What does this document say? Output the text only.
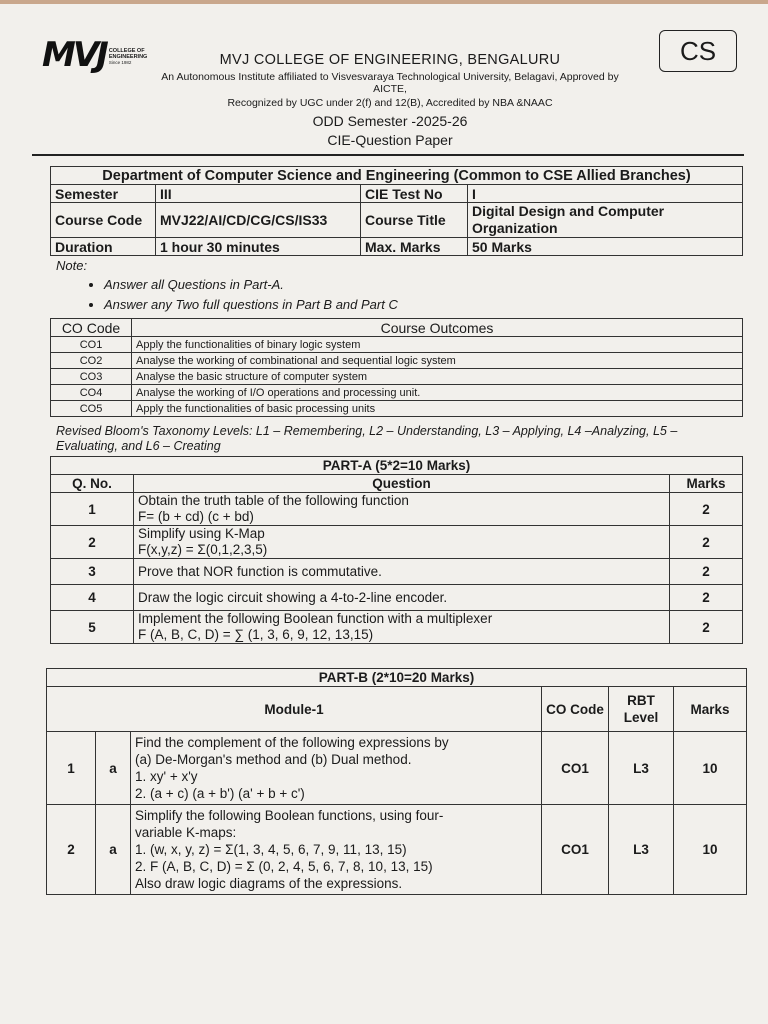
MVJ COLLEGE OF
ENGINEERING
Since 1982	CS
MVJ COLLEGE OF ENGINEERING, BENGALURU
An Autonomous Institute affiliated to Visvesvaraya Technological University, Belagavi, Approved by AICTE,
Recognized by UGC under 2(f) and 12(B), Accredited by NBA &NAAC
ODD Semester -2025-26
CIE-Question Paper
Department of Computer Science and Engineering (Common to CSE Allied Branches)			
Semester	III	CIE Test No	I
Course Code	MVJ22/AI/CD/CG/CS/IS33	Course Title	Digital Design and Computer Organization
Duration	1 hour 30 minutes	Max. Marks	50 Marks
Note:
• Answer all Questions in Part-A.
• Answer any Two full questions in Part B and Part C
CO Code	Course Outcomes
CO1	Apply the functionalities of binary logic system
CO2	Analyse the working of combinational and sequential logic system
CO3	Analyse the basic structure of computer system
CO4	Analyse the working of I/O operations and processing unit.
CO5	Apply the functionalities of basic processing units
Revised Bloom's Taxonomy Levels: L1 – Remembering, L2 – Understanding, L3 – Applying, L4 –Analyzing, L5 – Evaluating, and L6 – Creating
PART-A (5*2=10 Marks)		
Q. No.	Question	Marks
1	Obtain the truth table of the following function
F= (b + cd) (c + bd)	2
2	Simplify using K-Map
F(x,y,z) = Σ(0,1,2,3,5)	2
3	Prove that NOR function is commutative.	2
4	Draw the logic circuit showing a 4-to-2-line encoder.	2
5	Implement the following Boolean function with a multiplexer
F (A, B, C, D) = ∑ (1, 3, 6, 9, 12, 13,15)	2
PART-B (2*10=20 Marks)					
Module-1			CO Code	RBT Level	Marks
1	a	Find the complement of the following expressions by
(a) De-Morgan's method and (b) Dual method.
1. xy' + x'y
2. (a + c) (a + b') (a' + b + c')	CO1	L3	10
2	a	Simplify the following Boolean functions, using four-
variable K-maps:
1. (w, x, y, z) = Σ(1, 3, 4, 5, 6, 7, 9, 11, 13, 15)
2. F (A, B, C, D) = Σ (0, 2, 4, 5, 6, 7, 8, 10, 13, 15)
Also draw logic diagrams of the expressions.	CO1	L3	10
